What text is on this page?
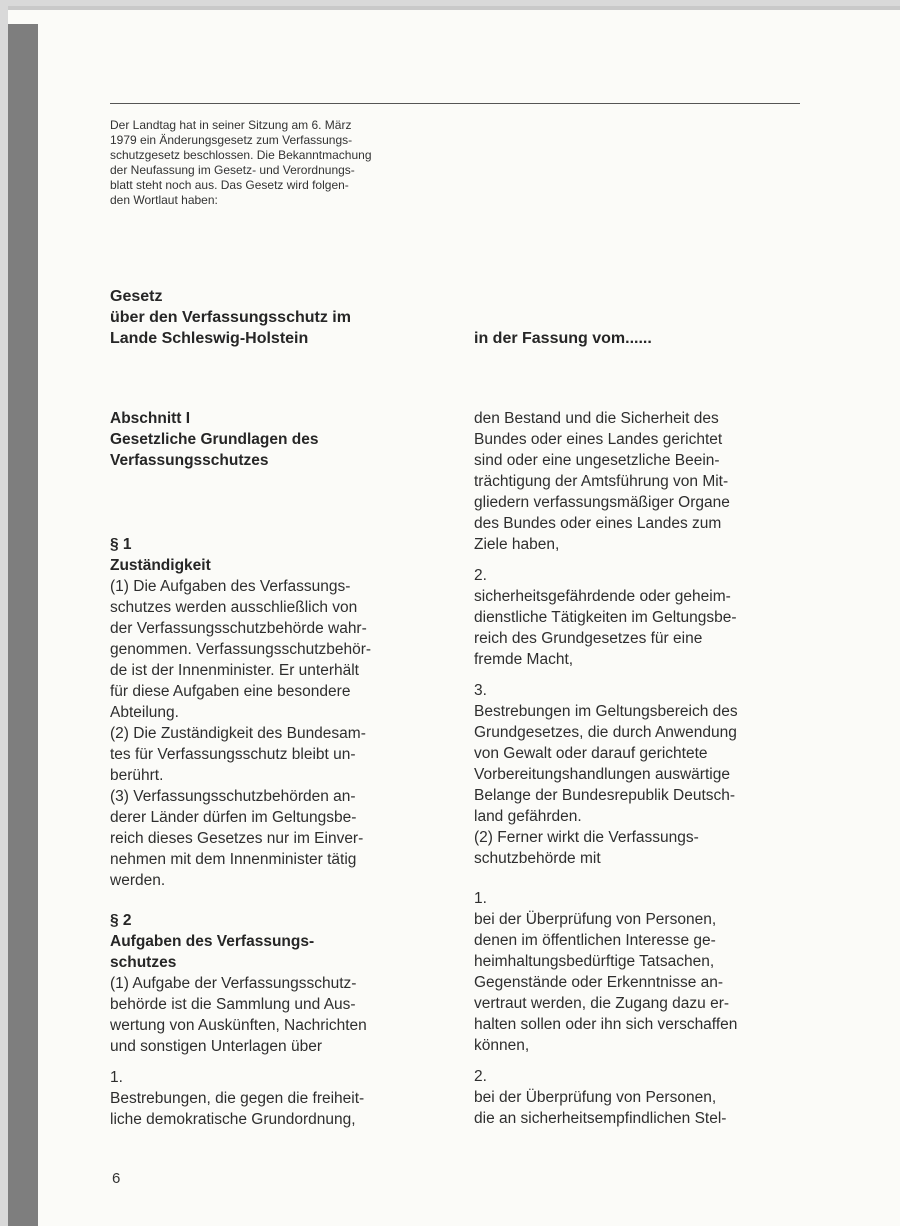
Der Landtag hat in seiner Sitzung am 6. März
1979 ein Änderungsgesetz zum Verfassungs-
schutzgesetz beschlossen. Die Bekanntmachung
der Neufassung im Gesetz- und Verordnungs-
blatt steht noch aus. Das Gesetz wird folgen-
den Wortlaut haben:
Gesetz
über den Verfassungsschutz im
Lande Schleswig-Holstein	in der Fassung vom......
Abschnitt I
Gesetzliche Grundlagen des
Verfassungsschutzes
§ 1
Zuständigkeit
(1) Die Aufgaben des Verfassungs-
schutzes werden ausschließlich von
der Verfassungsschutzbehörde wahr-
genommen. Verfassungsschutzbehör-
de ist der Innenminister. Er unterhält
für diese Aufgaben eine besondere
Abteilung.
(2) Die Zuständigkeit des Bundesam-
tes für Verfassungsschutz bleibt un-
berührt.
(3) Verfassungsschutzbehörden an-
derer Länder dürfen im Geltungsbe-
reich dieses Gesetzes nur im Einver-
nehmen mit dem Innenminister tätig
werden.
§ 2
Aufgaben des Verfassungs-
schutzes
(1) Aufgabe der Verfassungsschutz-
behörde ist die Sammlung und Aus-
wertung von Auskünften, Nachrichten
und sonstigen Unterlagen über
1.
Bestrebungen, die gegen die freiheit-
liche demokratische Grundordnung,
den Bestand und die Sicherheit des
Bundes oder eines Landes gerichtet
sind oder eine ungesetzliche Beein-
trächtigung der Amtsführung von Mit-
gliedern verfassungsmäßiger Organe
des Bundes oder eines Landes zum
Ziele haben,
2.
sicherheitsgefährdende oder geheim-
dienstliche Tätigkeiten im Geltungsbe-
reich des Grundgesetzes für eine
fremde Macht,
3.
Bestrebungen im Geltungsbereich des
Grundgesetzes, die durch Anwendung
von Gewalt oder darauf gerichtete
Vorbereitungshandlungen auswärtige
Belange der Bundesrepublik Deutsch-
land gefährden.
(2) Ferner wirkt die Verfassungs-
schutzbehörde mit
1.
bei der Überprüfung von Personen,
denen im öffentlichen Interesse ge-
heimhaltungsbedürftige Tatsachen,
Gegenstände oder Erkenntnisse an-
vertraut werden, die Zugang dazu er-
halten sollen oder ihn sich verschaffen
können,
2.
bei der Überprüfung von Personen,
die an sicherheitsempfindlichen Stel-
6
